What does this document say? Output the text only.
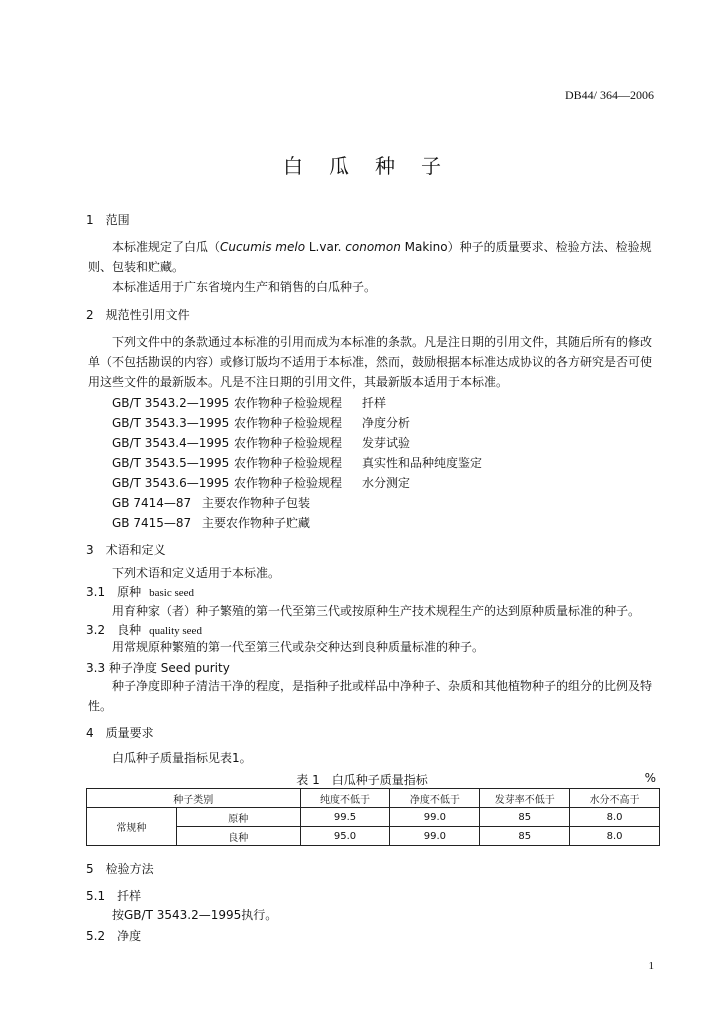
DB44/ 364—2006
白瓜种子
1　范围
本标准规定了白瓜（Cucumis melo L.var. conomon Makino）种子的质量要求、检验方法、检验规则、包装和贮藏。
本标准适用于广东省境内生产和销售的白瓜种子。
2　规范性引用文件
下列文件中的条款通过本标准的引用而成为本标准的条款。凡是注日期的引用文件，其随后所有的修改单（不包括勘误的内容）或修订版均不适用于本标准，然而，鼓励根据本标准达成协议的各方研究是否可使用这些文件的最新版本。凡是不注日期的引用文件，其最新版本适用于本标准。
GB/T 3543.2—1995 农作物种子检验规程 扦样
GB/T 3543.3—1995 农作物种子检验规程 净度分析
GB/T 3543.4—1995 农作物种子检验规程 发芽试验
GB/T 3543.5—1995 农作物种子检验规程 真实性和品种纯度鉴定
GB/T 3543.6—1995 农作物种子检验规程 水分测定
GB 7414—87 主要农作物种子包装
GB 7415—87 主要农作物种子贮藏
3　术语和定义
下列术语和定义适用于本标准。
3.1　原种 basic seed
用育种家（者）种子繁殖的第一代至第三代或按原种生产技术规程生产的达到原种质量标准的种子。
3.2　良种 quality seed
用常规原种繁殖的第一代至第三代或杂交种达到良种质量标准的种子。
3.3 种子净度 Seed purity
种子净度即种子清洁干净的程度，是指种子批或样品中净种子、杂质和其他植物种子的组分的比例及特性。
4　质量要求
白瓜种子质量指标见表1。
表 1　白瓜种子质量指标	%
种子类别		纯度不低于	净度不低于	发芽率不低于	水分不高于
常规种	原种	99.5	99.0	85	8.0
	良种	95.0	99.0	85	8.0
5　检验方法
5.1　扦样
按GB/T 3543.2—1995执行。
5.2　净度
1
